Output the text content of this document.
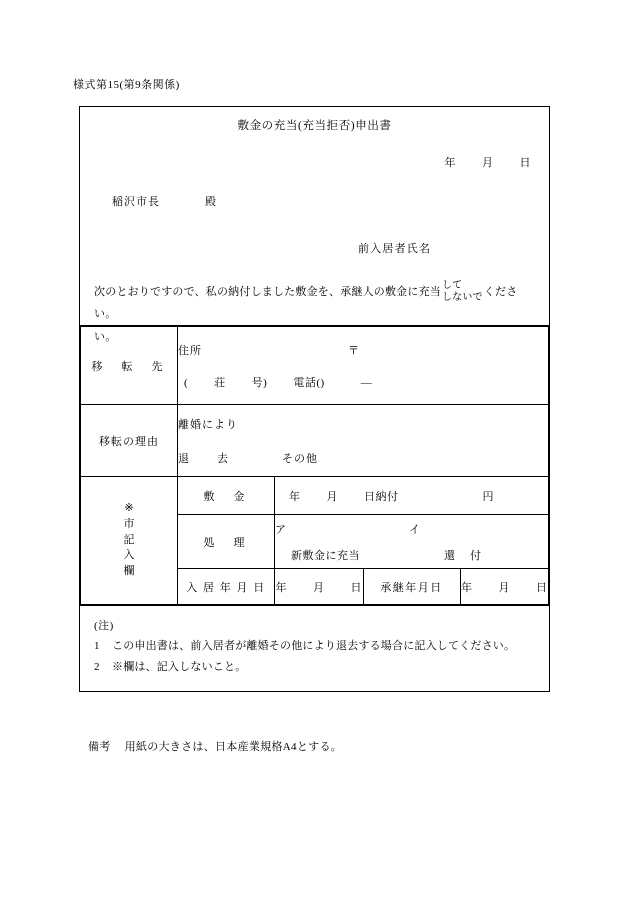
様式第15(第9条関係)
敷金の充当(充当拒否)申出書
年 月 日
稲沢市長	殿
前入居者氏名
次のとおりですので、私の納付しました敷金を、承継人の敷金に充当
して
しないで ください。
い。
移　転　先	住所 〒
( 荘 号) 電話() ―			

移転の理由	離婚により
退　　去 その他			

※
市
記
入
欄	敷　金	年 月 日納付 円		
	処　理	ア イ
新敷金に充当 還　付		

	入 居 年 月 日	年 月 日	承継年月日	年 月 日
(注)
1 この申出書は、前入居者が離婚その他により退去する場合に記入してください。
2 ※欄は、記入しないこと。
備考 用紙の大きさは、日本産業規格A4とする。
